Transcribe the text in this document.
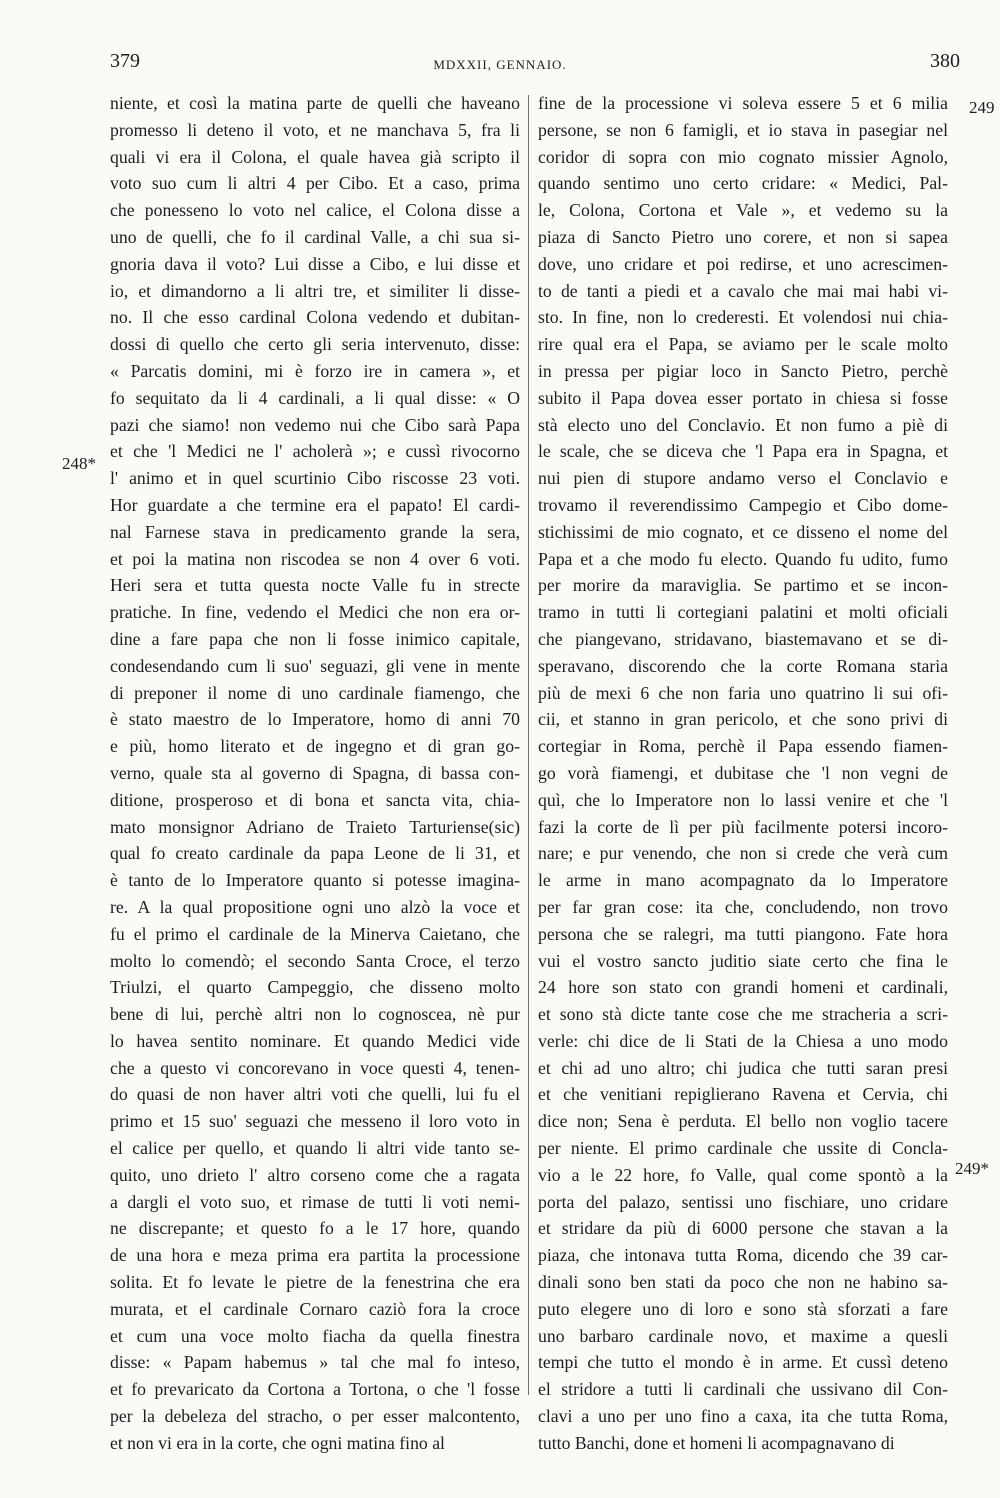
379	MDXXII, GENNAIO.	380
248*
249
249*
niente, et così la matina parte de quelli che haveano
promesso li deteno il voto, et ne manchava 5, fra li
quali vi era il Colona, el quale havea già scripto il
voto suo cum li altri 4 per Cibo. Et a caso, prima
che ponesseno lo voto nel calice, el Colona disse a
uno de quelli, che fo il cardinal Valle, a chi sua si-
gnoria dava il voto? Lui disse a Cibo, e lui disse et
io, et dimandorno a li altri tre, et similiter li disse-
no. Il che esso cardinal Colona vedendo et dubitan-
dossi di quello che certo gli seria intervenuto, disse:
« Parcatis domini, mi è forzo ire in camera », et
fo sequitato da li 4 cardinali, a li qual disse: « O
pazi che siamo! non vedemo nui che Cibo sarà Papa
et che 'l Medici ne l' acholerà »; e cussì rivocorno
l' animo et in quel scurtinio Cibo riscosse 23 voti.
Hor guardate a che termine era el papato! El cardi-
nal Farnese stava in predicamento grande la sera,
et poi la matina non riscodea se non 4 over 6 voti.
Heri sera et tutta questa nocte Valle fu in strecte
pratiche. In fine, vedendo el Medici che non era or-
dine a fare papa che non li fosse inimico capitale,
condesendando cum li suo' seguazi, gli vene in mente
di preponer il nome di uno cardinale fiamengo, che
è stato maestro de lo Imperatore, homo di anni 70
e più, homo literato et de ingegno et di gran go-
verno, quale sta al governo di Spagna, di bassa con-
ditione, prosperoso et di bona et sancta vita, chia-
mato monsignor Adriano de Traieto Tarturiense(sic)
qual fo creato cardinale da papa Leone de li 31, et
è tanto de lo Imperatore quanto si potesse imagina-
re. A la qual propositione ogni uno alzò la voce et
fu el primo el cardinale de la Minerva Caietano, che
molto lo comendò; el secondo Santa Croce, el terzo
Triulzi, el quarto Campeggio, che disseno molto
bene di lui, perchè altri non lo cognoscea, nè pur
lo havea sentito nominare. Et quando Medici vide
che a questo vi concorevano in voce questi 4, tenen-
do quasi de non haver altri voti che quelli, lui fu el
primo et 15 suo' seguazi che messeno il loro voto in
el calice per quello, et quando li altri vide tanto se-
quito, uno drieto l' altro corseno come che a ragata
a dargli el voto suo, et rimase de tutti li voti nemi-
ne discrepante; et questo fo a le 17 hore, quando
de una hora e meza prima era partita la processione
solita. Et fo levate le pietre de la fenestrina che era
murata, et el cardinale Cornaro caziò fora la croce
et cum una voce molto fiacha da quella finestra
disse: « Papam habemus » tal che mal fo inteso,
et fo prevaricato da Cortona a Tortona, o che 'l fosse
per la debeleza del stracho, o per esser malcontento,
et non vi era in la corte, che ogni matina fino al
fine de la processione vi soleva essere 5 et 6 milia
persone, se non 6 famigli, et io stava in pasegiar nel
coridor di sopra con mio cognato missier Agnolo,
quando sentimo uno certo cridare: « Medici, Pal-
le, Colona, Cortona et Vale », et vedemo su la
piaza di Sancto Pietro uno corere, et non si sapea
dove, uno cridare et poi redirse, et uno acrescimen-
to de tanti a piedi et a cavalo che mai mai habi vi-
sto. In fine, non lo crederesti. Et volendosi nui chia-
rire qual era el Papa, se aviamo per le scale molto
in pressa per pigiar loco in Sancto Pietro, perchè
subito il Papa dovea esser portato in chiesa si fosse
stà electo uno del Conclavio. Et non fumo a piè di
le scale, che se diceva che 'l Papa era in Spagna, et
nui pien di stupore andamo verso el Conclavio e
trovamo il reverendissimo Campegio et Cibo dome-
stichissimi de mio cognato, et ce disseno el nome del
Papa et a che modo fu electo. Quando fu udito, fumo
per morire da maraviglia. Se partimo et se incon-
tramo in tutti li cortegiani palatini et molti oficiali
che piangevano, stridavano, biastemavano et se di-
speravano, discorendo che la corte Romana staria
più de mexi 6 che non faria uno quatrino li sui ofi-
cii, et stanno in gran pericolo, et che sono privi di
cortegiar in Roma, perchè il Papa essendo fiamen-
go vorà fiamengi, et dubitase che 'l non vegni de
quì, che lo Imperatore non lo lassi venire et che 'l
fazi la corte de lì per più facilmente potersi incoro-
nare; e pur venendo, che non si crede che verà cum
le arme in mano acompagnato da lo Imperatore
per far gran cose: ita che, concludendo, non trovo
persona che se ralegri, ma tutti piangono. Fate hora
vui el vostro sancto juditio siate certo che fina le
24 hore son stato con grandi homeni et cardinali,
et sono stà dicte tante cose che me stracheria a scri-
verle: chi dice de li Stati de la Chiesa a uno modo
et chi ad uno altro; chi judica che tutti saran presi
et che venitiani repiglierano Ravena et Cervia, chi
dice non; Sena è perduta. El bello non voglio tacere
per niente. El primo cardinale che ussite di Concla-
vio a le 22 hore, fo Valle, qual come spontò a la
porta del palazo, sentissi uno fischiare, uno cridare
et stridare da più di 6000 persone che stavan a la
piaza, che intonava tutta Roma, dicendo che 39 car-
dinali sono ben stati da poco che non ne habino sa-
puto elegere uno di loro e sono stà sforzati a fare
uno barbaro cardinale novo, et maxime a quesli
tempi che tutto el mondo è in arme. Et cussì deteno
el stridore a tutti li cardinali che ussivano dil Con-
clavi a uno per uno fino a caxa, ita che tutta Roma,
tutto Banchi, done et homeni li acompagnavano di
